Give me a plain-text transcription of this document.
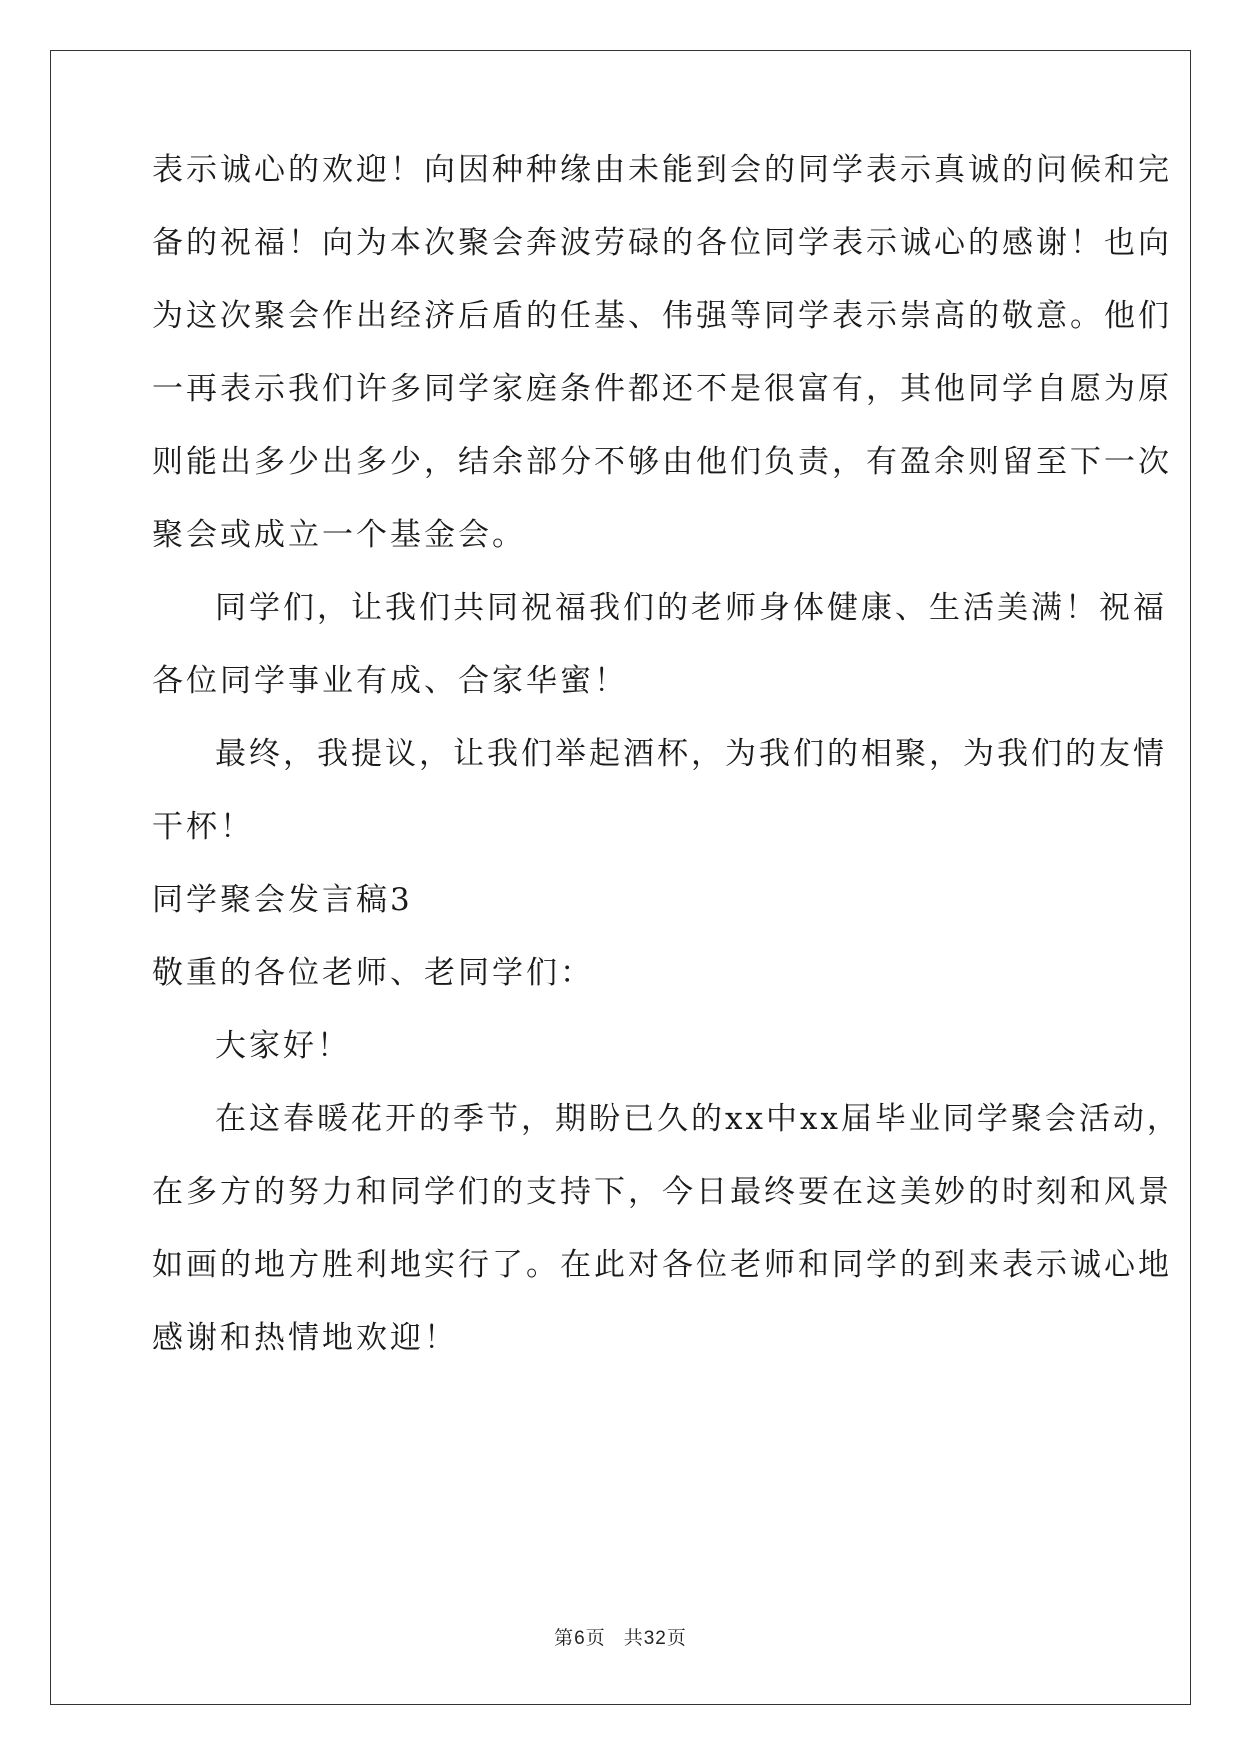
表示诚心的欢迎！向因种种缘由未能到会的同学表示真诚的问候和完
备的祝福！向为本次聚会奔波劳碌的各位同学表示诚心的感谢！也向
为这次聚会作出经济后盾的任基、伟强等同学表示崇高的敬意。他们
一再表示我们许多同学家庭条件都还不是很富有，其他同学自愿为原
则能出多少出多少，结余部分不够由他们负责，有盈余则留至下一次
聚会或成立一个基金会。
同学们，让我们共同祝福我们的老师身体健康、生活美满！祝福
各位同学事业有成、合家华蜜！
最终，我提议，让我们举起酒杯，为我们的相聚，为我们的友情
干杯！
同学聚会发言稿3
敬重的各位老师、老同学们：
大家好！
在这春暖花开的季节，期盼已久的xx中xx届毕业同学聚会活动，
在多方的努力和同学们的支持下，今日最终要在这美妙的时刻和风景
如画的地方胜利地实行了。在此对各位老师和同学的到来表示诚心地
感谢和热情地欢迎！
第6页 共32页
